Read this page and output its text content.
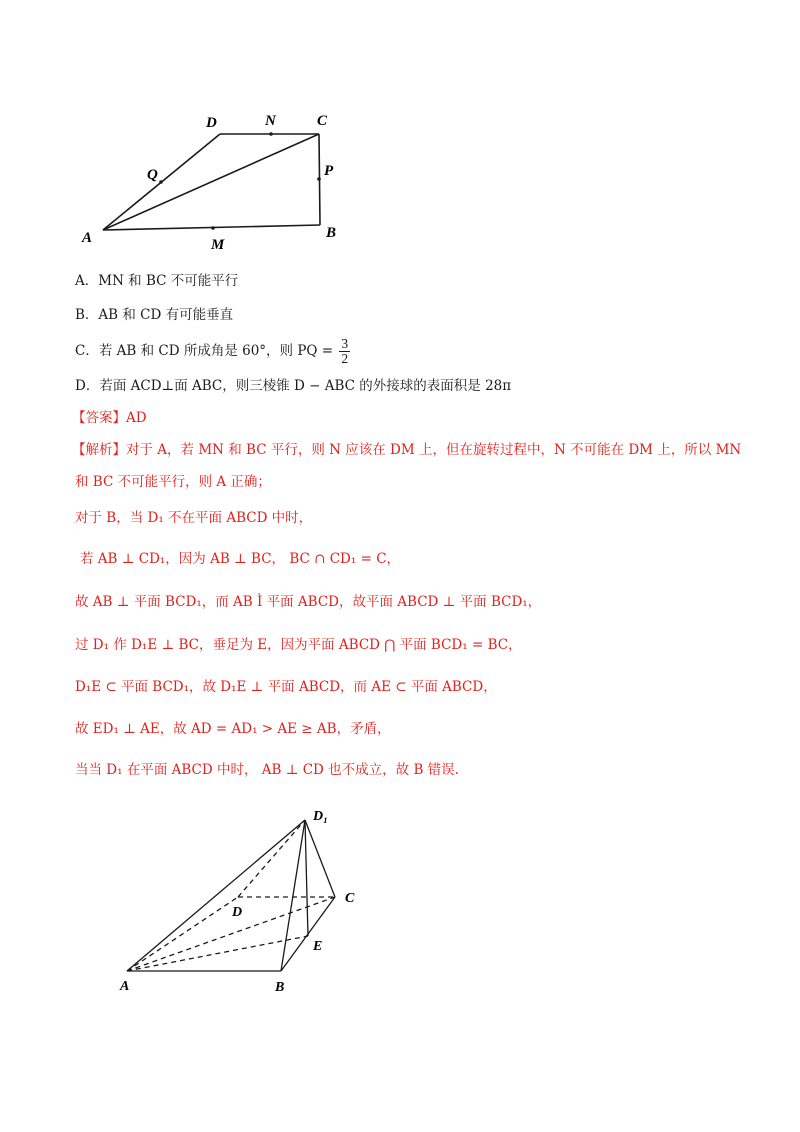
D	N	C
Q	P
A	M
B
A．MN 和 BC 不可能平行
B．AB 和 CD 有可能垂直
C．若 AB 和 CD 所成角是 60°，则 PQ = $\frac{3}{2}$
D．若面 ACD⊥面 ABC，则三棱锥 D − ABC 的外接球的表面积是 28π
【答案】AD
【解析】对于 A，若 MN 和 BC 平行，则 N 应该在 DM 上，但在旋转过程中，N 不可能在 DM 上，所以 MN
和 BC 不可能平行，则 A 正确；
对于 B，当 D₁ 不在平面 ABCD 中时，
若 AB ⊥ CD₁，因为 AB ⊥ BC， BC ∩ CD₁ = C，
故 AB ⊥ 平面 BCD₁，而 AB Ì 平面 ABCD，故平面 ABCD ⊥ 平面 BCD₁，
过 D₁ 作 D₁E ⊥ BC，垂足为 E，因为平面 ABCD ⋂ 平面 BCD₁ = BC，
D₁E ⊂ 平面 BCD₁，故 D₁E ⊥ 平面 ABCD，而 AE ⊂ 平面 ABCD，
故 ED₁ ⊥ AE，故 AD = AD₁ > AE ≥ AB，矛盾，
当当 D₁ 在平面 ABCD 中时， AB ⊥ CD 也不成立，故 B 错误.
D₁
D
C
E
A	B
